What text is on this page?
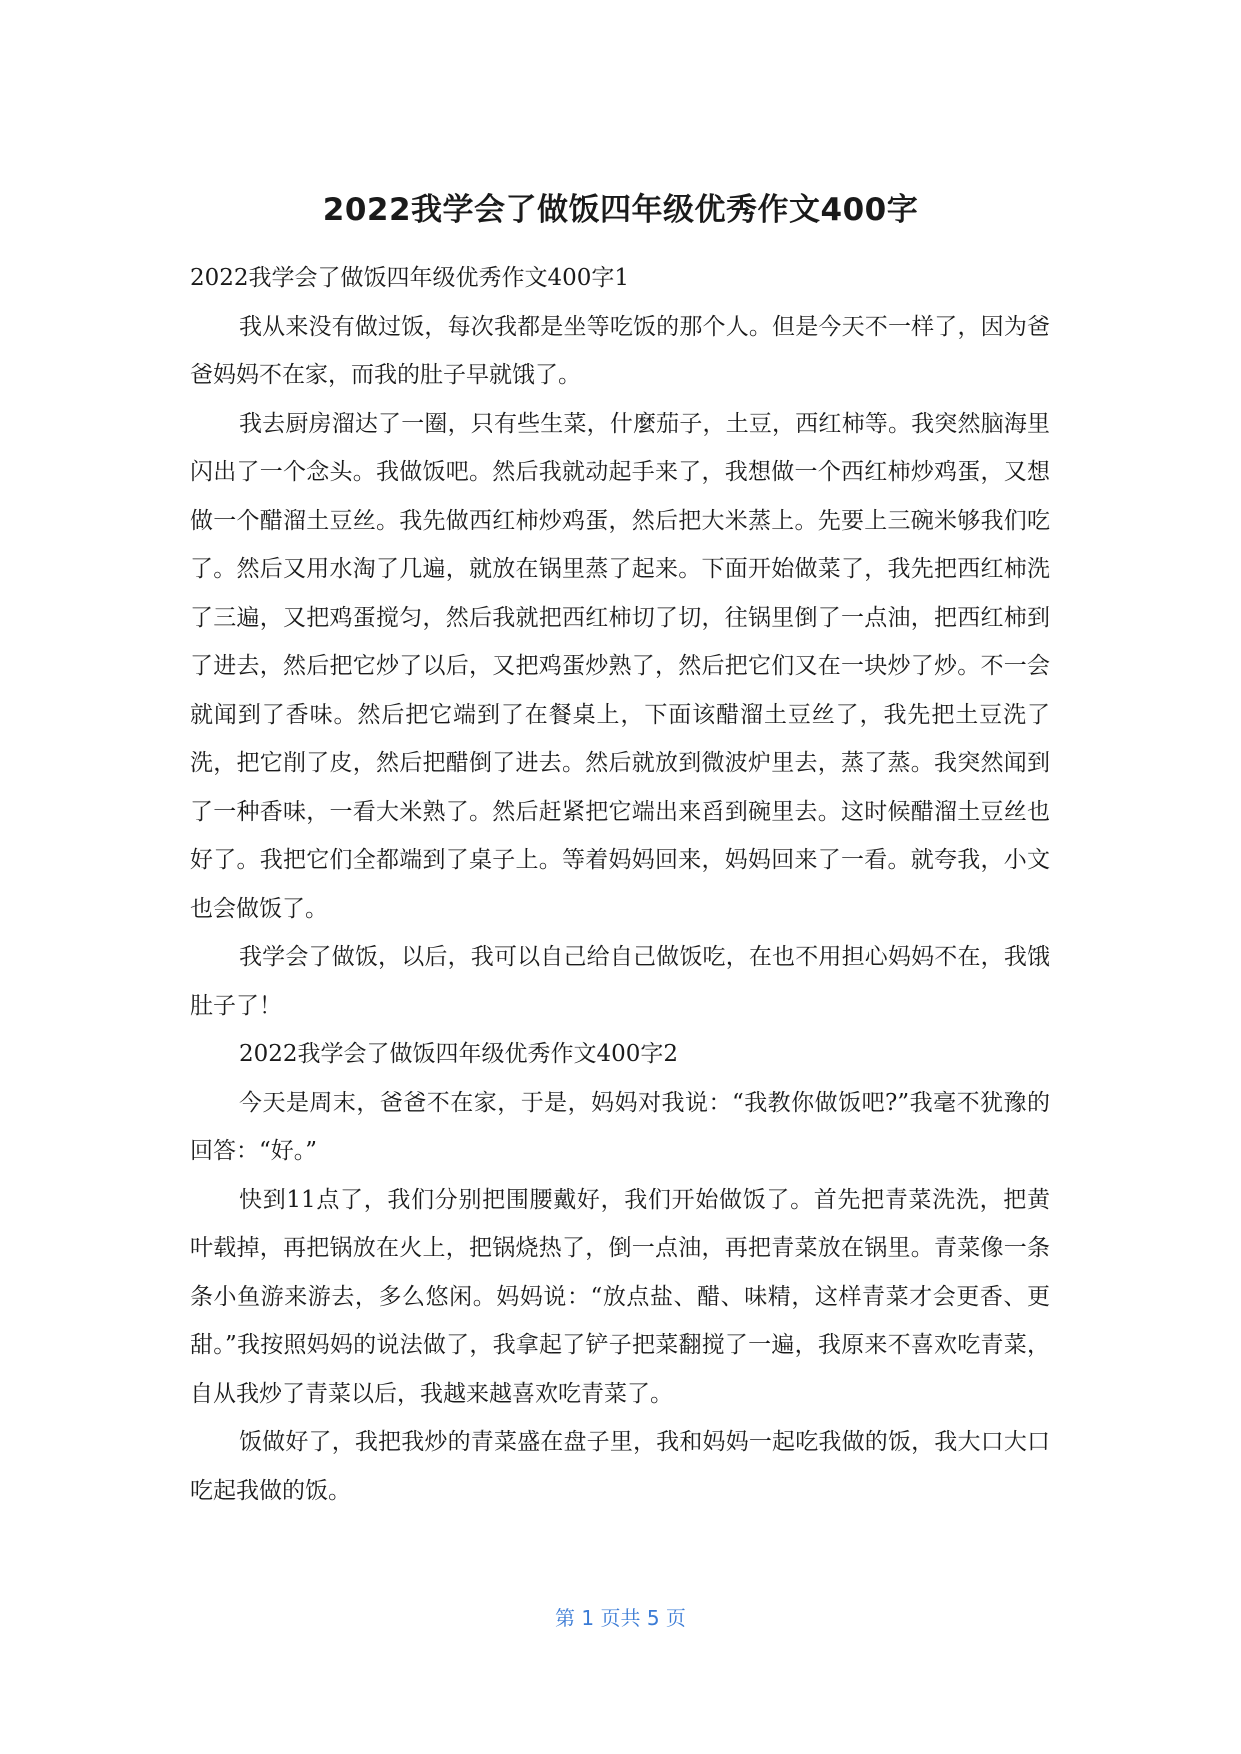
2022我学会了做饭四年级优秀作文400字

2022我学会了做饭四年级优秀作文400字1

我从来没有做过饭，每次我都是坐等吃饭的那个人。但是今天不一样了，因为爸爸妈妈不在家，而我的肚子早就饿了。

我去厨房溜达了一圈，只有些生菜，什麼茄子，土豆，西红柿等。我突然脑海里闪出了一个念头。我做饭吧。然后我就动起手来了，我想做一个西红柿炒鸡蛋，又想做一个醋溜土豆丝。我先做西红柿炒鸡蛋，然后把大米蒸上。先要上三碗米够我们吃了。然后又用水淘了几遍，就放在锅里蒸了起来。下面开始做菜了，我先把西红柿洗了三遍，又把鸡蛋搅匀，然后我就把西红柿切了切，往锅里倒了一点油，把西红柿到了进去，然后把它炒了以后，又把鸡蛋炒熟了，然后把它们又在一块炒了炒。不一会就闻到了香味。然后把它端到了在餐桌上，下面该醋溜土豆丝了，我先把土豆洗了洗，把它削了皮，然后把醋倒了进去。然后就放到微波炉里去，蒸了蒸。我突然闻到了一种香味，一看大米熟了。然后赶紧把它端出来舀到碗里去。这时候醋溜土豆丝也好了。我把它们全都端到了桌子上。等着妈妈回来，妈妈回来了一看。就夸我，小文也会做饭了。

我学会了做饭，以后，我可以自己给自己做饭吃，在也不用担心妈妈不在，我饿肚子了！

2022我学会了做饭四年级优秀作文400字2

今天是周末，爸爸不在家，于是，妈妈对我说：“我教你做饭吧?”我毫不犹豫的回答：“好。”

快到11点了，我们分别把围腰戴好，我们开始做饭了。首先把青菜洗洗，把黄叶载掉，再把锅放在火上，把锅烧热了，倒一点油，再把青菜放在锅里。青菜像一条条小鱼游来游去，多么悠闲。妈妈说：“放点盐、醋、味精，这样青菜才会更香、更甜。”我按照妈妈的说法做了，我拿起了铲子把菜翻搅了一遍，我原来不喜欢吃青菜，自从我炒了青菜以后，我越来越喜欢吃青菜了。

饭做好了，我把我炒的青菜盛在盘子里，我和妈妈一起吃我做的饭，我大口大口吃起我做的饭。

第 1 页共 5 页
